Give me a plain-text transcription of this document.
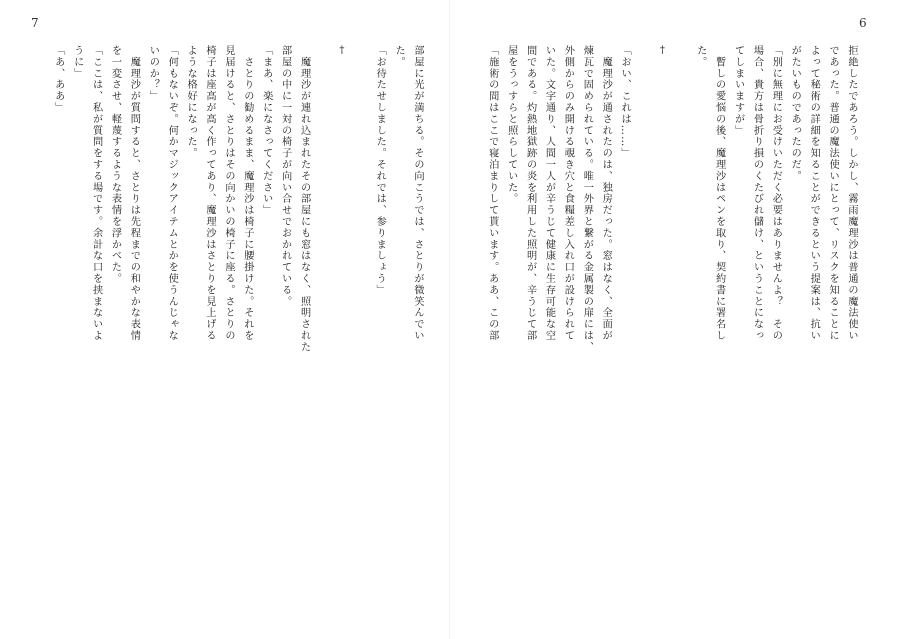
7	6
拒絶したであろう。しかし、霧雨魔理沙は普通の魔法使い
であった。普通の魔法使いにとって、リスクを知ることに
よって秘術の詳細を知ることができるという提案は、抗い
がたいものであったのだ。
「別に無理にお受けいただく必要はありませんよ？　その
場合、貴方は骨折り損のくたびれ儲け、ということになっ
てしまいますが」
　暫しの愛悩の後、魔理沙はペンを取り、契約書に署名し
た。

†

「おい、これは……」
　魔理沙が通されたのは、独房だった。窓はなく、全面が
煉瓦で固められている。唯一外界と繋がる金属製の扉には、
外側からのみ開ける覗き穴と食糧差し入れ口が設けられて
いた。文字通り、人間一人が辛うじて健康に生存可能な空
間である。灼熱地獄跡の炎を利用した照明が、辛うじて部
屋をうっすらと照らしていた。
「施術の間はここで寝泊まりして貰います。ああ、この部

部屋に光が満ちる。その向こうでは、さとりが微笑んでい
た。
「お待たせしました。それでは、参りましょう」

†

　魔理沙が連れ込まれたその部屋にも窓はなく、照明された
部屋の中に一対の椅子が向い合せでおかれている。
「まあ、楽になさってください」
　さとりの勧めるまま、魔理沙は椅子に腰掛けた。それを
見届けると、さとりはその向かいの椅子に座る。さとりの
椅子は座高が高く作ってあり、魔理沙はさとりを見上げる
ような格好になった。
「何もないぞ。何かマジックアイテムとかを使うんじゃな
いのか？」
　魔理沙が質問すると、さとりは先程までの和やかな表情
を一変させ、軽蔑するような表情を浮かべた。
「ここは、私が質問をする場です。余計な口を挟まないよ
うに」
「あ、ああ」
